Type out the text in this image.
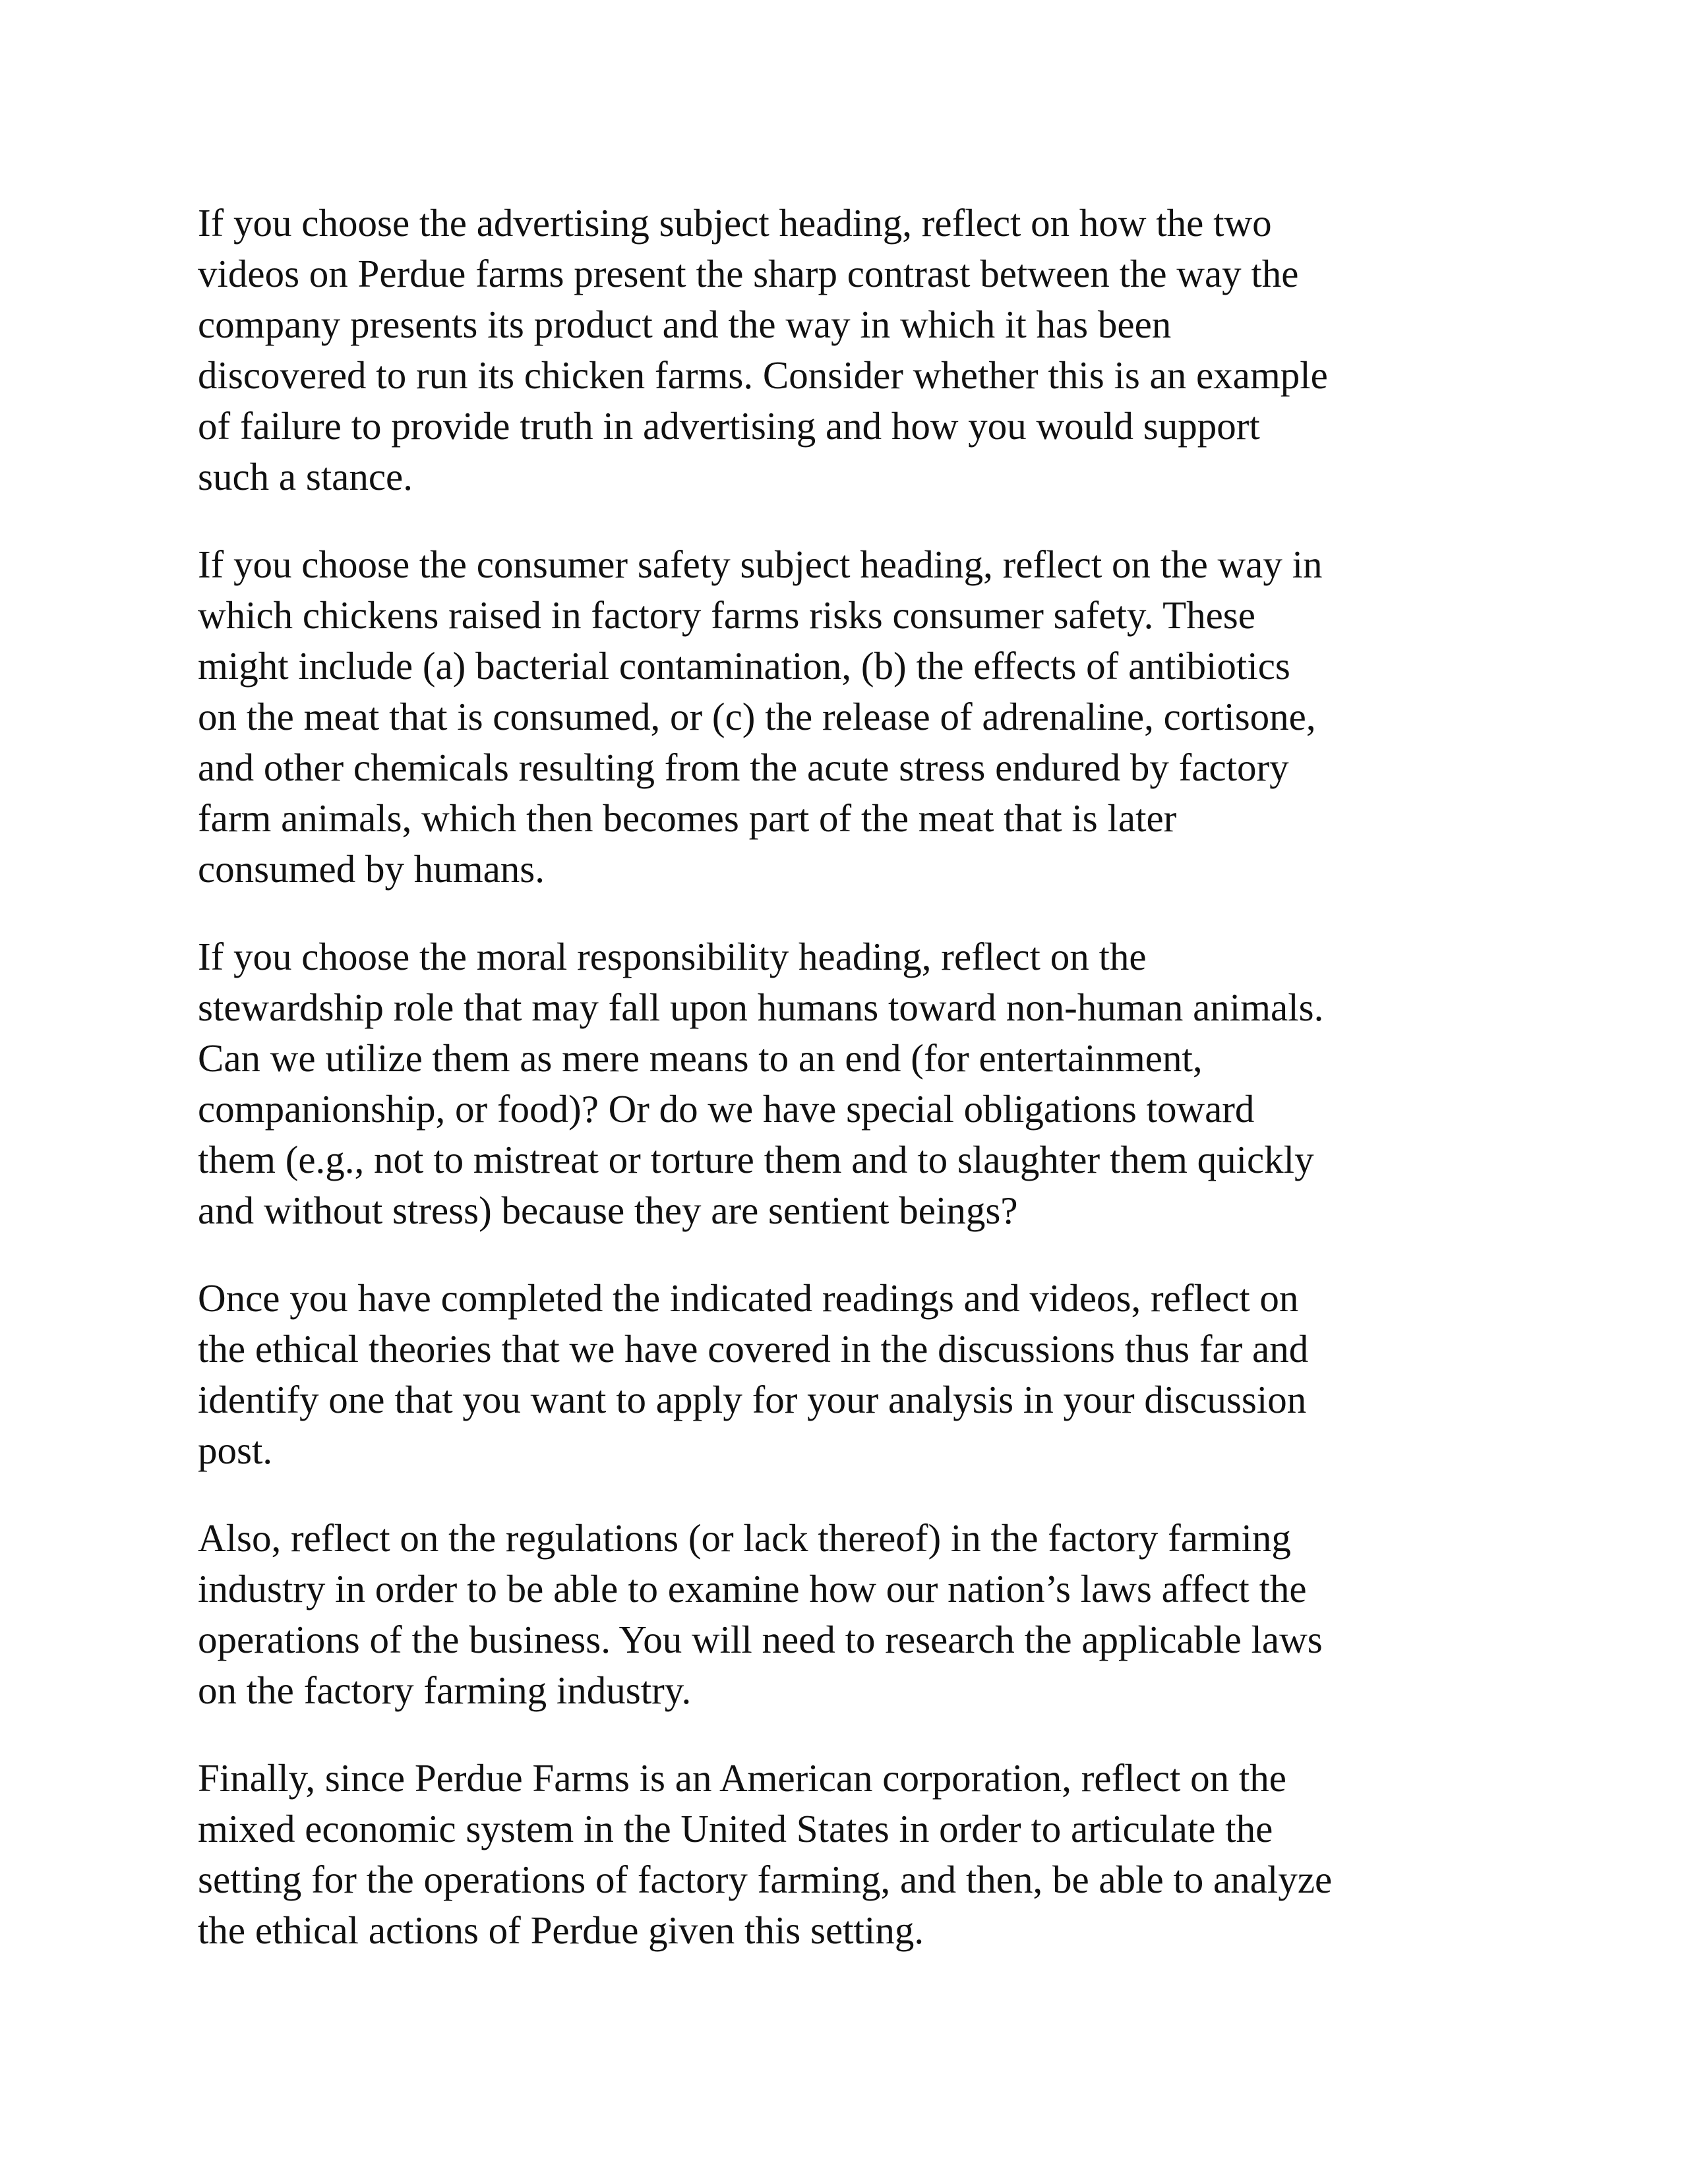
If you choose the advertising subject heading, reflect on how the two
videos on Perdue farms present the sharp contrast between the way the
company presents its product and the way in which it has been
discovered to run its chicken farms. Consider whether this is an example
of failure to provide truth in advertising and how you would support
such a stance.

If you choose the consumer safety subject heading, reflect on the way in
which chickens raised in factory farms risks consumer safety. These
might include (a) bacterial contamination, (b) the effects of antibiotics
on the meat that is consumed, or (c) the release of adrenaline, cortisone,
and other chemicals resulting from the acute stress endured by factory
farm animals, which then becomes part of the meat that is later
consumed by humans.

If you choose the moral responsibility heading, reflect on the
stewardship role that may fall upon humans toward non-human animals.
Can we utilize them as mere means to an end (for entertainment,
companionship, or food)? Or do we have special obligations toward
them (e.g., not to mistreat or torture them and to slaughter them quickly
and without stress) because they are sentient beings?

Once you have completed the indicated readings and videos, reflect on
the ethical theories that we have covered in the discussions thus far and
identify one that you want to apply for your analysis in your discussion
post.

Also, reflect on the regulations (or lack thereof) in the factory farming
industry in order to be able to examine how our nation’s laws affect the
operations of the business. You will need to research the applicable laws
on the factory farming industry.

Finally, since Perdue Farms is an American corporation, reflect on the
mixed economic system in the United States in order to articulate the
setting for the operations of factory farming, and then, be able to analyze
the ethical actions of Perdue given this setting.
